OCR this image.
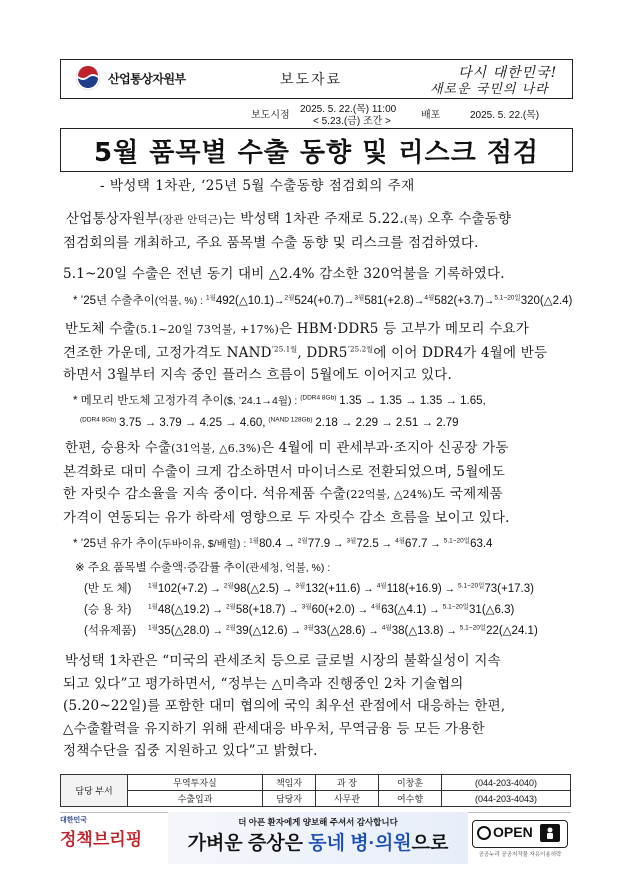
산업통상자원부	보도자료	다시 대한민국!
새로운 국민의 나라
보도시점
2025. 5. 22.(목) 11:00
< 5.23.(금) 조간 >
배포	2025. 5. 22.(목)
5월 품목별 수출 동향 및 리스크 점검
- 박성택 1차관, ‘25년 5월 수출동향 점검회의 주재
산업통상자원부(장관 안덕근)는 박성택 1차관 주재로 5.22.(목) 오후 수출동향
점검회의를 개최하고, 주요 품목별 수출 동향 및 리스크를 점검하였다.
5.1~20일 수출은 전년 동기 대비 △2.4% 감소한 320억불을 기록하였다.
* ’25년 수출추이(억불, %) : $^{1월}$492(△10.1)→$^{2월}$524(+0.7)→$^{3월}$581(+2.8)→$^{4월}$582(+3.7)→$^{5.1\sim 20일}$320(△2.4)
반도체 수출(5.1~20일 73억불, +17%)은 HBM·DDR5 등 고부가 메모리 수요가
견조한 가운데, 고정가격도 $NAND^{’25.1월}$, $DDR5^{’25.2월}$에 이어 DDR4가 4월에 반등
하면서 3월부터 지속 중인 플러스 흐름이 5월에도 이어지고 있다.
* 메모리 반도체 고정가격 추이($, ’24.1→4월) : $^{(DDR4 8Gb)}$ 1.35 → 1.35 → 1.35 → 1.65,
$^{(DDR4 8Gb)}$ 3.75 → 3.79 → 4.25 → 4.60, $^{(NAND 128Gb)}$ 2.18 → 2.29 → 2.51 → 2.79
한편, 승용차 수출(31억불, △6.3%)은 4월에 미 관세부과·조지아 신공장 가동
본격화로 대미 수출이 크게 감소하면서 마이너스로 전환되었으며, 5월에도
한 자릿수 감소율을 지속 중이다. 석유제품 수출(22억불, △24%)도 국제제품
가격이 연동되는 유가 하락세 영향으로 두 자릿수 감소 흐름을 보이고 있다.
* ’25년 유가 추이(두바이유, $/배럴) : $^{1월}$80.4 → $^{2월}$77.9 → $^{3월}$72.5 → $^{4월}$67.7 → $^{5.1\sim 20일}$63.4
※ 주요 품목별 수출액·증감률 추이(관세청, 억불, %) :
(반 도 체)	$^{1월}$102(+7.2) → $^{2월}$98(△2.5) → $^{3월}$132(+11.6) → $^{4월}$118(+16.9) → $^{5.1\sim 20일}$73(+17.3)
(승 용 차)	$^{1월}$48(△19.2) → $^{2월}$58(+18.7) → $^{3월}$60(+2.0) → $^{4월}$63(△4.1) → $^{5.1\sim 20일}$31(△6.3)
(석유제품) $^{1월}$35(△28.0) → $^{2월}$39(△12.6) → $^{3월}$33(△28.6) → $^{4월}$38(△13.8) → $^{5.1\sim 20일}$22(△24.1)
박성택 1차관은 “미국의 관세조치 등으로 글로벌 시장의 불확실성이 지속
되고 있다”고 평가하면서, “정부는 △미측과 진행중인 2차 기술협의
(5.20~22일)를 포함한 대미 협의에 국익 최우선 관점에서 대응하는 한편,
△수출활력을 유지하기 위해 관세대응 바우처, 무역금융 등 모든 가용한
정책수단을 집중 지원하고 있다”고 밝혔다.
담당 부서	무역투자실	책임자	과 장	이창훈	(044-203-4040)
	수출입과	담당자	사무관	여수향	(044-203-4043)
대한민국
정책브리핑
더 아픈 환자에게 양보해 주셔서 감사합니다
가벼운 증상은 동네 병·의원으로
OPEN
공공누리 공공저작물 자유이용허락
